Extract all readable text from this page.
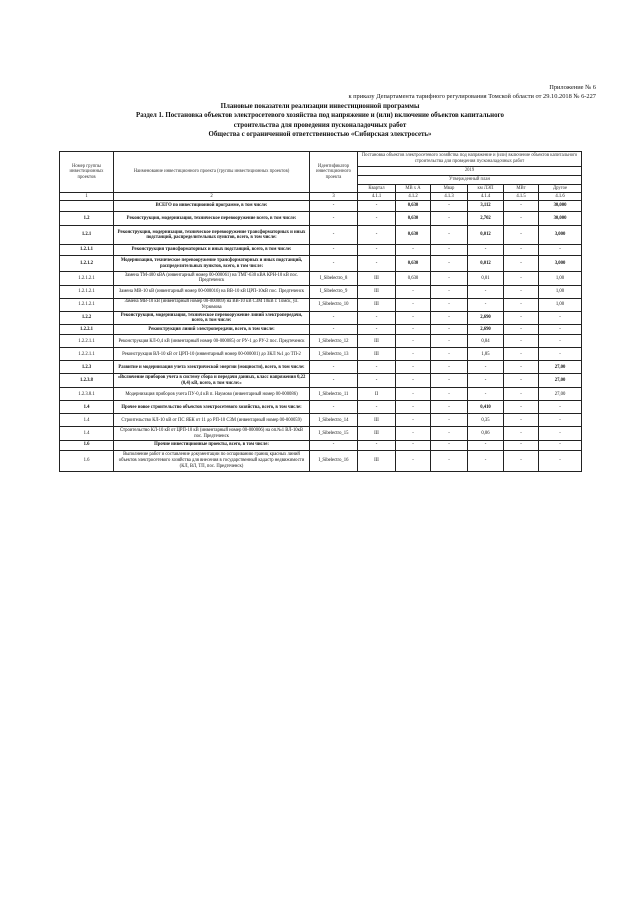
Приложение № 6
к приказу Департамента тарифного регулирования Томской области от 29.10.2018 № 6-227
Плановые показатели реализации инвестиционной программы
Раздел 1. Постановка объектов электросетевого хозяйства под напряжение и (или) включение объектов капитального
строительства для проведения пусконаладочных работ
Общества с ограниченной ответственностью «Сибирская электросеть»
Номер группы инвестиционных проектов	Наименование инвестиционного проекта (группы инвестиционных проектов)	Идентификатор инвестиционного проекта	Постановка объектов электросетевого хозяйства под напряжение и (или) включение объектов капитального строительства для проведения пусконаладочных работ					
			2019					
			Утвержденный план					
			Квартал	МВ x А	Мвар	км ЛЭП	МВт	Другое
1	2	3	4.1.1	4.1.2	4.1.3	4.1.4	4.1.5	4.1.6
	ВСЕГО по инвестиционной программе, в том числе:	-	-	0,630	-	3,112	-	30,000
1.2	Реконструкция, модернизация, техническое перевооружение всего, в том числе:	-	-	0,630	-	2,702	-	30,000
1.2.1	Реконструкция, модернизация, техническое перевооружение трансформаторных и иных подстанций, распределительных пунктов, всего, в том числе:	-	-	0,630	-	0,012	-	3,000
1.2.1.1	Реконструкция трансформаторных и иных подстанций, всего, в том числе:	-	-	-	-	-	-	-
1.2.1.2	Модернизация, техническое перевооружение трансформаторных и иных подстанций, распределительных пунктов, всего, в том числе:	-	-	0,630	-	0,012	-	3,000
1.2.1.2.1	Замена ТМ-400 кВА (инвентарный номер 00-000061) на ТМГ-630 кВА КРН-10 кВ пос. Предтеченск	I_Sibelectro_8	III	0,630	-	0,01	-	1,00
1.2.1.2.1	Замена МВ-10 кВ (инвентарный номер 00-000016) на ВВ-10 кВ ЦРП-10кВ пос. Предтеченск	I_Sibelectro_9	III	-	-	-	-	1,00
1.2.1.2.1	Замена МВ-10 кВ (инвентарный номер 00-000069) на ВВ-10 кВ СЗМ 10кВ г. Томск, ул. Угрюмова	I_Sibelectro_10	III	-	-	-	-	1,00
1.2.2	Реконструкция, модернизация, техническое перевооружение линий электропередачи, всего, в том числе:	-	-	-	-	2,690	-	-
1.2.2.1	Реконструкция линий электропередачи, всего, в том числе:	-	-	-	-	2,690	-	-
1.2.2.1.1	Реконструкция КЛ-0,4 кВ (инвентарный номер 00-000085) от РУ-1 до РУ-2 пос. Предтеченск	I_Sibelectro_12	III	-	-	0,84	-	-
1.2.2.1.1	Реконструкция ВЛ-10 кВ от ЦРП-10 (инвентарный номер 00-000001) до ЗКЛ №1 до ТП-2	I_Sibelectro_13	III	-	-	1,85	-	-
1.2.3	Развитие и модернизация учета электрической энергии (мощности), всего, в том числе:	-	-	-	-	-	-	27,00
1.2.3.8	«Включение приборов учета в систему сбора и передачи данных, класс напряжения 0,22 (0,4) кВ, всего, в том числе:»	-	-	-	-	-	-	27,00
1.2.3.8.1	Модернизация приборов учета ПУ-0,4 кВ п. Наумово (инвентарный номер 00-000086)	I_Sibelectro_11	II	-	-	-	-	27,00
1.4	Прочее новое строительство объектов электросетевого хозяйства, всего, в том числе:	-	-	-	-	0,410	-	-
1.4	Строительство КЛ-10 кВ от ПС ЯБК от 11 до РП-10 СЗМ (инвентарный номер 00-000059)	I_Sibelectro_14	III	-	-	0,35	-	-
1.4	Строительство КЛ-10 кВ от ЦРП-10 кВ (инвентарный номер 00-000006) на оп.№1 ВЛ-10кВ пос. Предтеченск	I_Sibelectro_15	III	-	-	0,06	-	-
1.6	Прочие инвестиционные проекты, всего, в том числе:	-	-	-	-	-	-	-
1.6	Выполнение работ и составление документации по оспариванию границ красных линий объектов электросетевого хозяйства для внесения в государственный кадастр недвижимости (КЛ, ВЛ, ТП, пос. Предтеченск)	I_Sibelectro_16	III	-	-	-	-	-
